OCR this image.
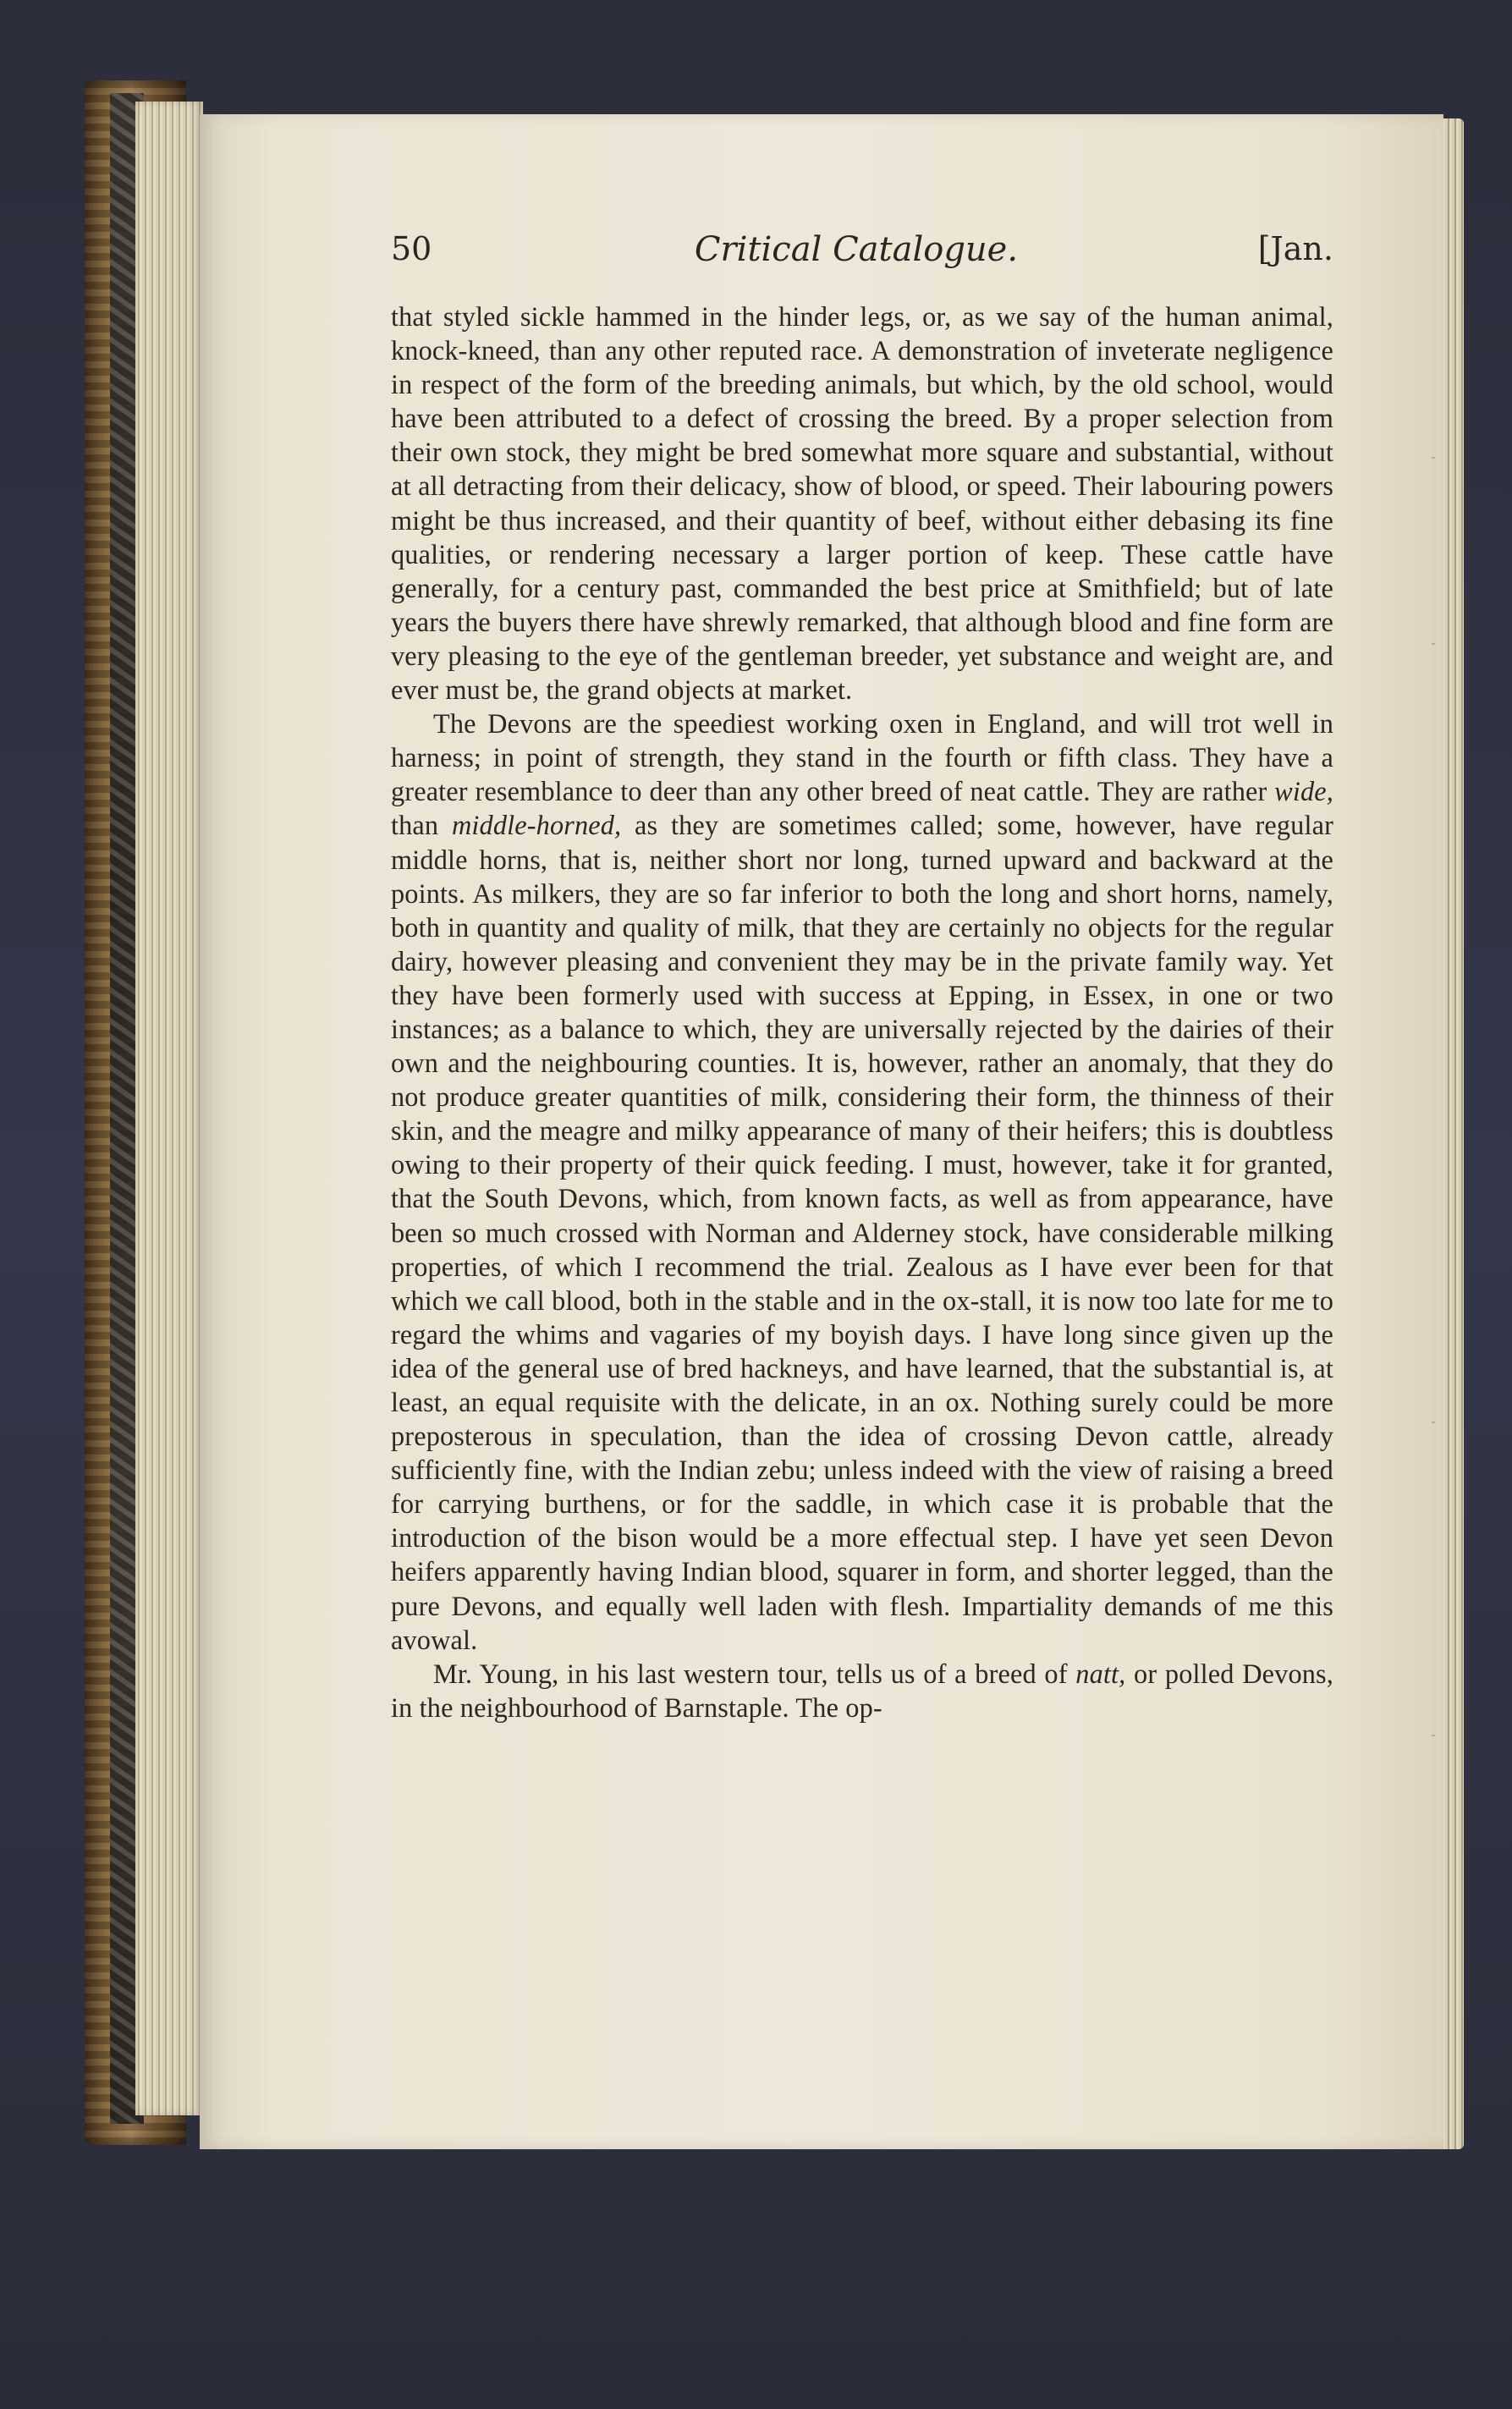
50	Critical Catalogue.	[Jan.

that styled sickle hammed in the hinder legs, or, as we say of the human animal, knock-kneed, than any other reputed race. A demonstration of inveterate negligence in respect of the form of the breeding animals, but which, by the old school, would have been attributed to a defect of crossing the breed. By a proper selection from their own stock, they might be bred somewhat more square and substantial, without at all detracting from their delicacy, show of blood, or speed. Their labouring powers might be thus increased, and their quantity of beef, without either debasing its fine qualities, or rendering necessary a larger portion of keep. These cattle have generally, for a century past, commanded the best price at Smithfield; but of late years the buyers there have shrewly remarked, that although blood and fine form are very pleasing to the eye of the gentleman breeder, yet substance and weight are, and ever must be, the grand objects at market.

The Devons are the speediest working oxen in England, and will trot well in harness; in point of strength, they stand in the fourth or fifth class. They have a greater resemblance to deer than any other breed of neat cattle. They are rather wide, than middle-horned, as they are sometimes called; some, however, have regular middle horns, that is, neither short nor long, turned upward and backward at the points. As milkers, they are so far inferior to both the long and short horns, namely, both in quantity and quality of milk, that they are certainly no objects for the regular dairy, however pleasing and convenient they may be in the private family way. Yet they have been formerly used with success at Epping, in Essex, in one or two instances; as a balance to which, they are universally rejected by the dairies of their own and the neighbouring counties. It is, however, rather an anomaly, that they do not produce greater quantities of milk, considering their form, the thinness of their skin, and the meagre and milky appearance of many of their heifers; this is doubtless owing to their property of their quick feeding. I must, however, take it for granted, that the South Devons, which, from known facts, as well as from appearance, have been so much crossed with Norman and Alderney stock, have considerable milking properties, of which I recommend the trial. Zealous as I have ever been for that which we call blood, both in the stable and in the ox-stall, it is now too late for me to regard the whims and vagaries of my boyish days. I have long since given up the idea of the general use of bred hackneys, and have learned, that the substantial is, at least, an equal requisite with the delicate, in an ox. Nothing surely could be more preposterous in speculation, than the idea of crossing Devon cattle, already sufficiently fine, with the Indian zebu; unless indeed with the view of raising a breed for carrying burthens, or for the saddle, in which case it is probable that the introduction of the bison would be a more effectual step. I have yet seen Devon heifers apparently having Indian blood, squarer in form, and shorter legged, than the pure Devons, and equally well laden with flesh. Impartiality demands of me this avowal.

Mr. Young, in his last western tour, tells us of a breed of natt, or polled Devons, in the neighbourhood of Barnstaple. The op-
